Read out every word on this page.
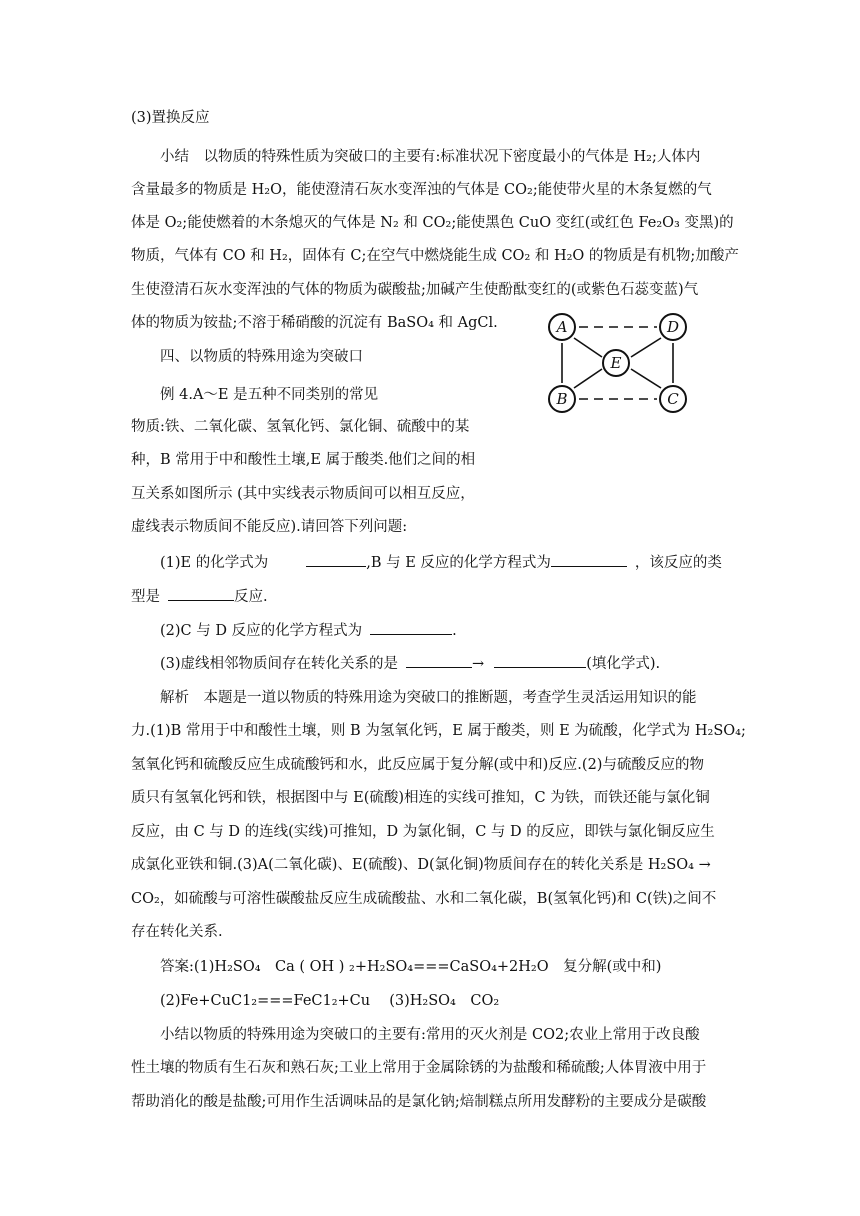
(3)置换反应
小结　以物质的特殊性质为突破口的主要有:标准状况下密度最小的气体是 H₂;人体内
含量最多的物质是 H₂O，能使澄清石灰水变浑浊的气体是 CO₂;能使带火星的木条复燃的气
体是 O₂;能使燃着的木条熄灭的气体是 N₂ 和 CO₂;能使黑色 CuO 变红(或红色 Fe₂O₃ 变黑)的
物质，气体有 CO 和 H₂，固体有 C;在空气中燃烧能生成 CO₂ 和 H₂O 的物质是有机物;加酸产
生使澄清石灰水变浑浊的气体的物质为碳酸盐;加碱产生使酚酞变红的(或紫色石蕊变蓝)气
体的物质为铵盐;不溶于稀硝酸的沉淀有 BaSO₄ 和 AgCl.
四、以物质的特殊用途为突破口
例 4.A～E 是五种不同类别的常见
物质:铁、二氧化碳、氢氧化钙、氯化铜、硫酸中的某
种，B 常用于中和酸性土壤,E 属于酸类.他们之间的相
互关系如图所示 (其中实线表示物质间可以相互反应，
虚线表示物质间不能反应).请回答下列问题:
A	D
E
B	C
(1)E 的化学式为	,B 与 E 反应的化学方程式为	，该反应的类
型是	反应.
(2)C 与 D 反应的化学方程式为	.
(3)虚线相邻物质间存在转化关系的是	→	(填化学式).
解析　本题是一道以物质的特殊用途为突破口的推断题，考查学生灵活运用知识的能
力.(1)B 常用于中和酸性土壤，则 B 为氢氧化钙，E 属于酸类，则 E 为硫酸，化学式为 H₂SO₄;
氢氧化钙和硫酸反应生成硫酸钙和水，此反应属于复分解(或中和)反应.(2)与硫酸反应的物
质只有氢氧化钙和铁，根据图中与 E(硫酸)相连的实线可推知，C 为铁，而铁还能与氯化铜
反应，由 C 与 D 的连线(实线)可推知，D 为氯化铜，C 与 D 的反应，即铁与氯化铜反应生
成氯化亚铁和铜.(3)A(二氧化碳)、E(硫酸)、D(氯化铜)物质间存在的转化关系是 H₂SO₄ →
CO₂，如硫酸与可溶性碳酸盐反应生成硫酸盐、水和二氧化碳，B(氢氧化钙)和 C(铁)之间不
存在转化关系.
答案:(1)H₂SO₄　Ca ( OH ) ₂+H₂SO₄===CaSO₄+2H₂O　复分解(或中和)
(2)Fe+CuC1₂===FeC1₂+Cu　 (3)H₂SO₄　CO₂
小结以物质的特殊用途为突破口的主要有:常用的灭火剂是 CO2;农业上常用于改良酸
性土壤的物质有生石灰和熟石灰;工业上常用于金属除锈的为盐酸和稀硫酸;人体胃液中用于
帮助消化的酸是盐酸;可用作生活调味品的是氯化钠;焙制糕点所用发酵粉的主要成分是碳酸
